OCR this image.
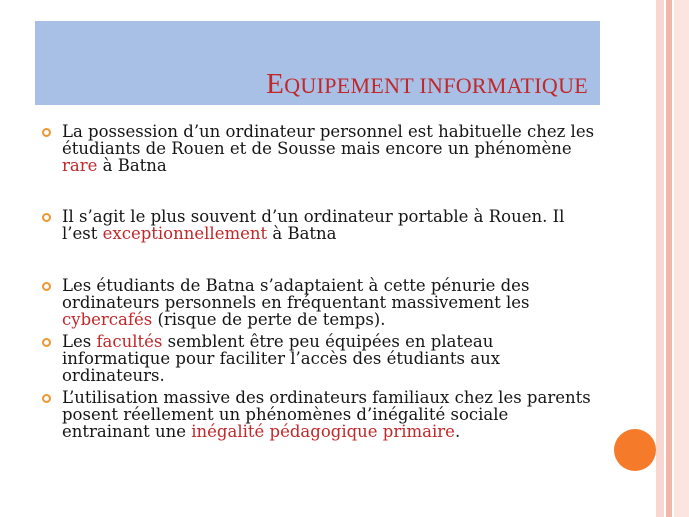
EQUIPEMENT INFORMATIQUE
La possession d’un ordinateur personnel est habituelle chez les étudiants de Rouen et de Sousse mais encore un phénomène rare à Batna
Il s’agit le plus souvent d’un ordinateur portable à Rouen. Il l’est exceptionnellement à Batna
Les étudiants de Batna s’adaptaient à cette pénurie des ordinateurs personnels en fréquentant massivement les cybercafés (risque de perte de temps).
Les facultés semblent être peu équipées en plateau informatique pour faciliter l’accès des étudiants aux ordinateurs.
L’utilisation massive des ordinateurs familiaux chez les parents posent réellement un phénomènes d’inégalité sociale entrainant une inégalité pédagogique primaire.
